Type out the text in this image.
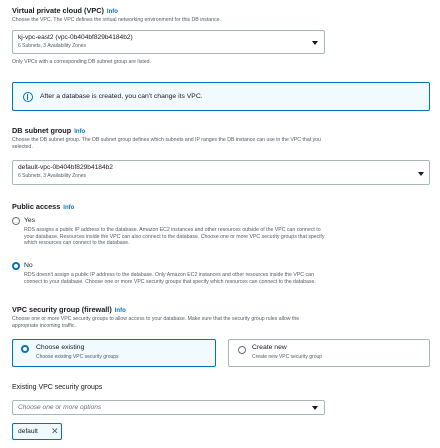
Virtual private cloud (VPC) Info
Choose the VPC. The VPC defines the virtual networking environment for this DB instance.
kj-vpc-east2 (vpc-0b404bf829b4184b2)
6 Subnets, 3 Availability Zones
Only VPCs with a corresponding DB subnet group are listed.
After a database is created, you can't change its VPC.
DB subnet group Info
Choose the DB subnet group. The DB subnet group defines which subnets and IP ranges the DB instance can use in the VPC that you
selected.
default-vpc-0b404bf829b4184b2
6 Subnets, 3 Availability Zones
Public access Info
Yes
RDS assigns a public IP address to the database. Amazon EC2 instances and other resources outside of the VPC can connect to
your database. Resources inside the VPC can also connect to the database. Choose one or more VPC security groups that specify
which resources can connect to the database.
No
RDS doesn't assign a public IP address to the database. Only Amazon EC2 instances and other resources inside the VPC can
connect to your database. Choose one or more VPC security groups that specify which resources can connect to the database.
VPC security group (firewall) Info
Choose one or more VPC security groups to allow access to your database. Make sure that the security group rules allow the
appropriate incoming traffic.
Choose existing
Choose existing VPC security groups
Create new
Create new VPC security group
Existing VPC security groups
Choose one or more options
default ✕
